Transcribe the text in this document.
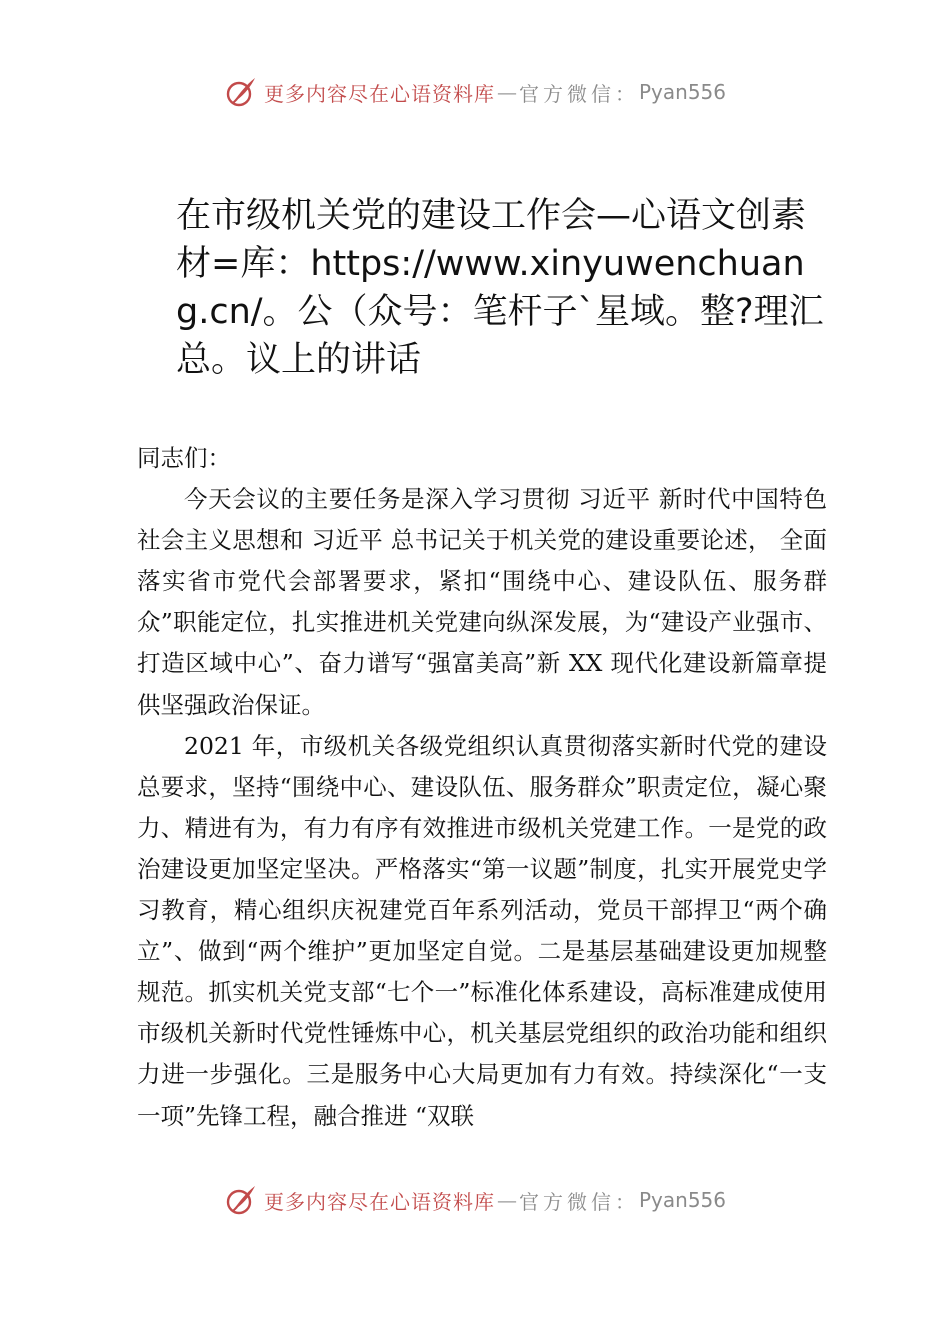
更多内容尽在心语资料库 — 官方微信： Pyan556
在市级机关党的建设工作会—心语文创素材=库：https://www.xinyuwenchuang.cn/。公（众号：笔杆子`星域。整?理汇总。议上的讲话

同志们：

今天会议的主要任务是深入学习贯彻 习近平 新时代中国特色社会主义思想和 习近平 总书记关于机关党的建设重要论述， 全面落实省市党代会部署要求，紧扣“围绕中心、建设队伍、服务群众”职能定位，扎实推进机关党建向纵深发展，为“建设产业强市、打造区域中心”、奋力谱写“强富美高”新 XX 现代化建设新篇章提供坚强政治保证。

2021 年，市级机关各级党组织认真贯彻落实新时代党的建设总要求，坚持“围绕中心、建设队伍、服务群众”职责定位，凝心聚力、精进有为，有力有序有效推进市级机关党建工作。一是党的政治建设更加坚定坚决。严格落实“第一议题”制度，扎实开展党史学习教育，精心组织庆祝建党百年系列活动，党员干部捍卫“两个确立”、做到“两个维护”更加坚定自觉。二是基层基础建设更加规整规范。抓实机关党支部“七个一”标准化体系建设，高标准建成使用市级机关新时代党性锤炼中心，机关基层党组织的政治功能和组织力进一步强化。三是服务中心大局更加有力有效。持续深化“一支一项”先锋工程，融合推进 “双联

更多内容尽在心语资料库 — 官方微信： Pyan556
